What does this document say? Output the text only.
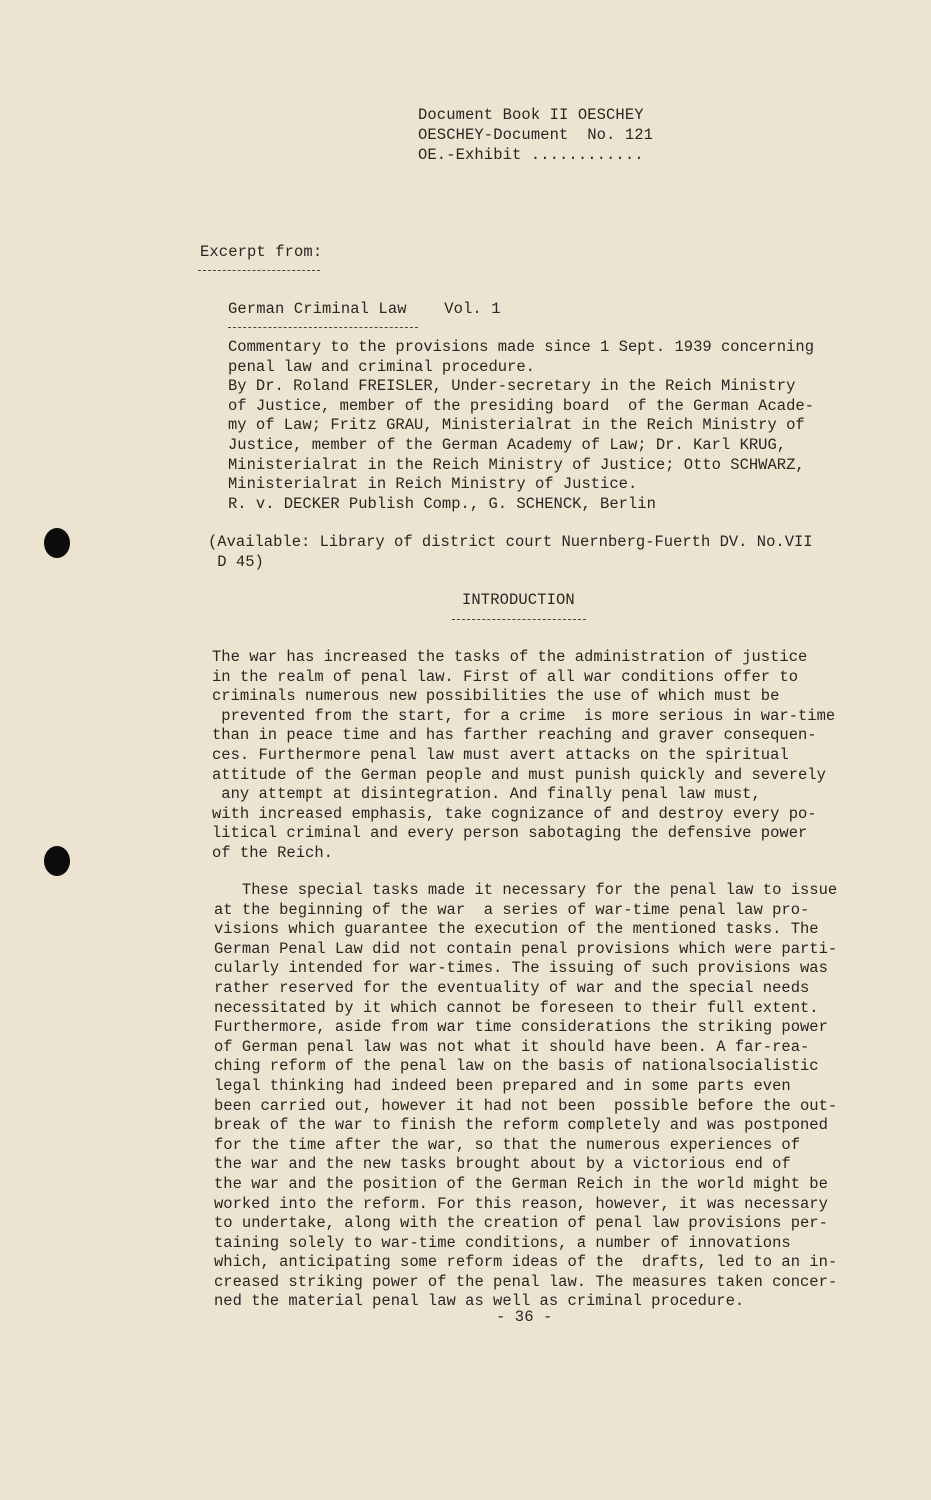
Document Book II OESCHEY
OESCHEY-Document  No. 121
OE.-Exhibit ............
Excerpt from:
German Criminal Law    Vol. 1
Commentary to the provisions made since 1 Sept. 1939 concerning
penal law and criminal procedure.
By Dr. Roland FREISLER, Under-secretary in the Reich Ministry
of Justice, member of the presiding board  of the German Acade-
my of Law; Fritz GRAU, Ministerialrat in the Reich Ministry of
Justice, member of the German Academy of Law; Dr. Karl KRUG,
Ministerialrat in the Reich Ministry of Justice; Otto SCHWARZ,
Ministerialrat in Reich Ministry of Justice.
R. v. DECKER Publish Comp., G. SCHENCK, Berlin
(Available: Library of district court Nuernberg-Fuerth DV. No.VII
D 45)
INTRODUCTION
The war has increased the tasks of the administration of justice
in the realm of penal law. First of all war conditions offer to
criminals numerous new possibilities the use of which must be
prevented from the start, for a crime  is more serious in war-time
than in peace time and has farther reaching and graver consequen-
ces. Furthermore penal law must avert attacks on the spiritual
attitude of the German people and must punish quickly and severely
any attempt at disintegration. And finally penal law must,
with increased emphasis, take cognizance of and destroy every po-
litical criminal and every person sabotaging the defensive power
of the Reich.
These special tasks made it necessary for the penal law to issue
at the beginning of the war  a series of war-time penal law pro-
visions which guarantee the execution of the mentioned tasks. The
German Penal Law did not contain penal provisions which were parti-
cularly intended for war-times. The issuing of such provisions was
rather reserved for the eventuality of war and the special needs
necessitated by it which cannot be foreseen to their full extent.
Furthermore, aside from war time considerations the striking power
of German penal law was not what it should have been. A far-rea-
ching reform of the penal law on the basis of nationalsocialistic
legal thinking had indeed been prepared and in some parts even
been carried out, however it had not been  possible before the out-
break of the war to finish the reform completely and was postponed
for the time after the war, so that the numerous experiences of
the war and the new tasks brought about by a victorious end of
the war and the position of the German Reich in the world might be
worked into the reform. For this reason, however, it was necessary
to undertake, along with the creation of penal law provisions per-
taining solely to war-time conditions, a number of innovations
which, anticipating some reform ideas of the  drafts, led to an in-
creased striking power of the penal law. The measures taken concer-
ned the material penal law as well as criminal procedure.
- 36 -
